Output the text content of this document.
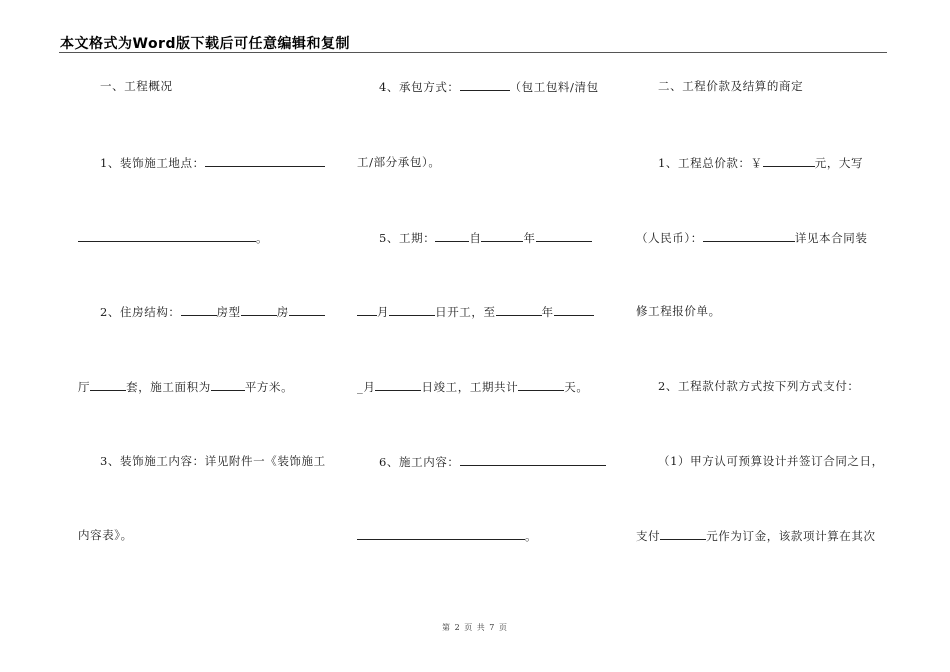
本文格式为Word版下载后可任意编辑和复制
一、工程概况
1、装饰施工地点：
。
2、住房结构：	房型	房
厅	套，施工面积为	平方米。
3、装饰施工内容：详见附件一《装饰施工
内容表》。
4、承包方式：	（包工包料/清包
工/部分承包）。
5、工期：	自	年
月	日开工，至	年
_月	日竣工，工期共计	天。
6、施工内容：
。
二、工程价款及结算的商定
1、工程总价款：￥	元，大写
（人民币）：	详见本合同装
修工程报价单。
2、工程款付款方式按下列方式支付：
（1）甲方认可预算设计并签订合同之日，
支付	元作为订金，该款项计算在其次
第 2 页 共 7 页
